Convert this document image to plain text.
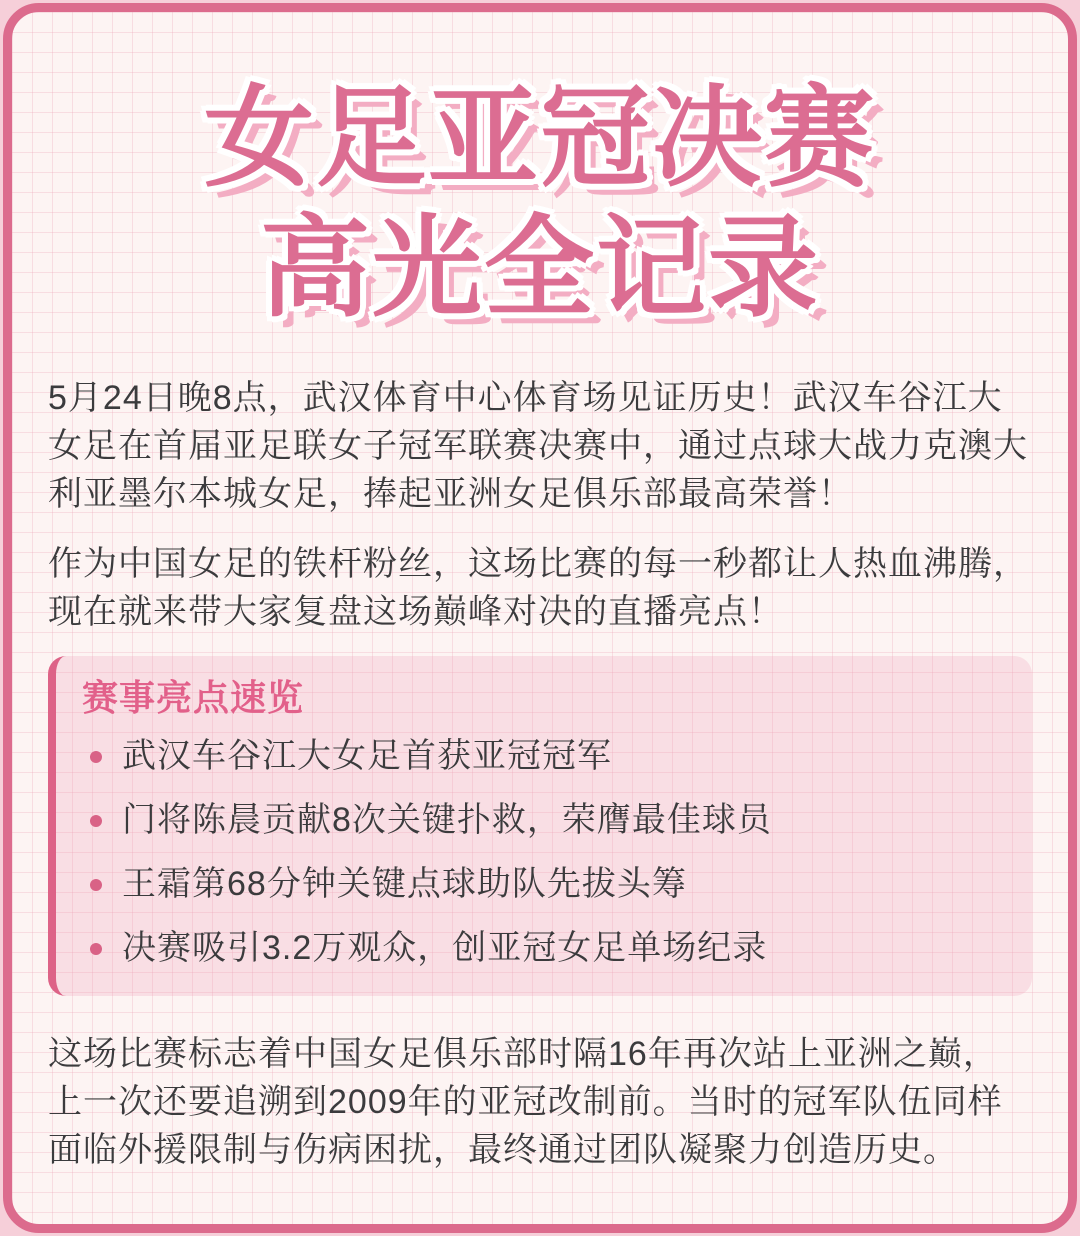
女足亚冠决赛
高光全记录

5月24日晚8点，武汉体育中心体育场见证历史！武汉车谷江大女足在首届亚足联女子冠军联赛决赛中，通过点球大战力克澳大利亚墨尔本城女足，捧起亚洲女足俱乐部最高荣誉！

作为中国女足的铁杆粉丝，这场比赛的每一秒都让人热血沸腾，现在就来带大家复盘这场巅峰对决的直播亮点！

赛事亮点速览
武汉车谷江大女足首获亚冠冠军
门将陈晨贡献8次关键扑救，荣膺最佳球员
王霜第68分钟关键点球助队先拔头筹
决赛吸引3.2万观众，创亚冠女足单场纪录

这场比赛标志着中国女足俱乐部时隔16年再次站上亚洲之巅，上一次还要追溯到2009年的亚冠改制前。当时的冠军队伍同样面临外援限制与伤病困扰，最终通过团队凝聚力创造历史。
